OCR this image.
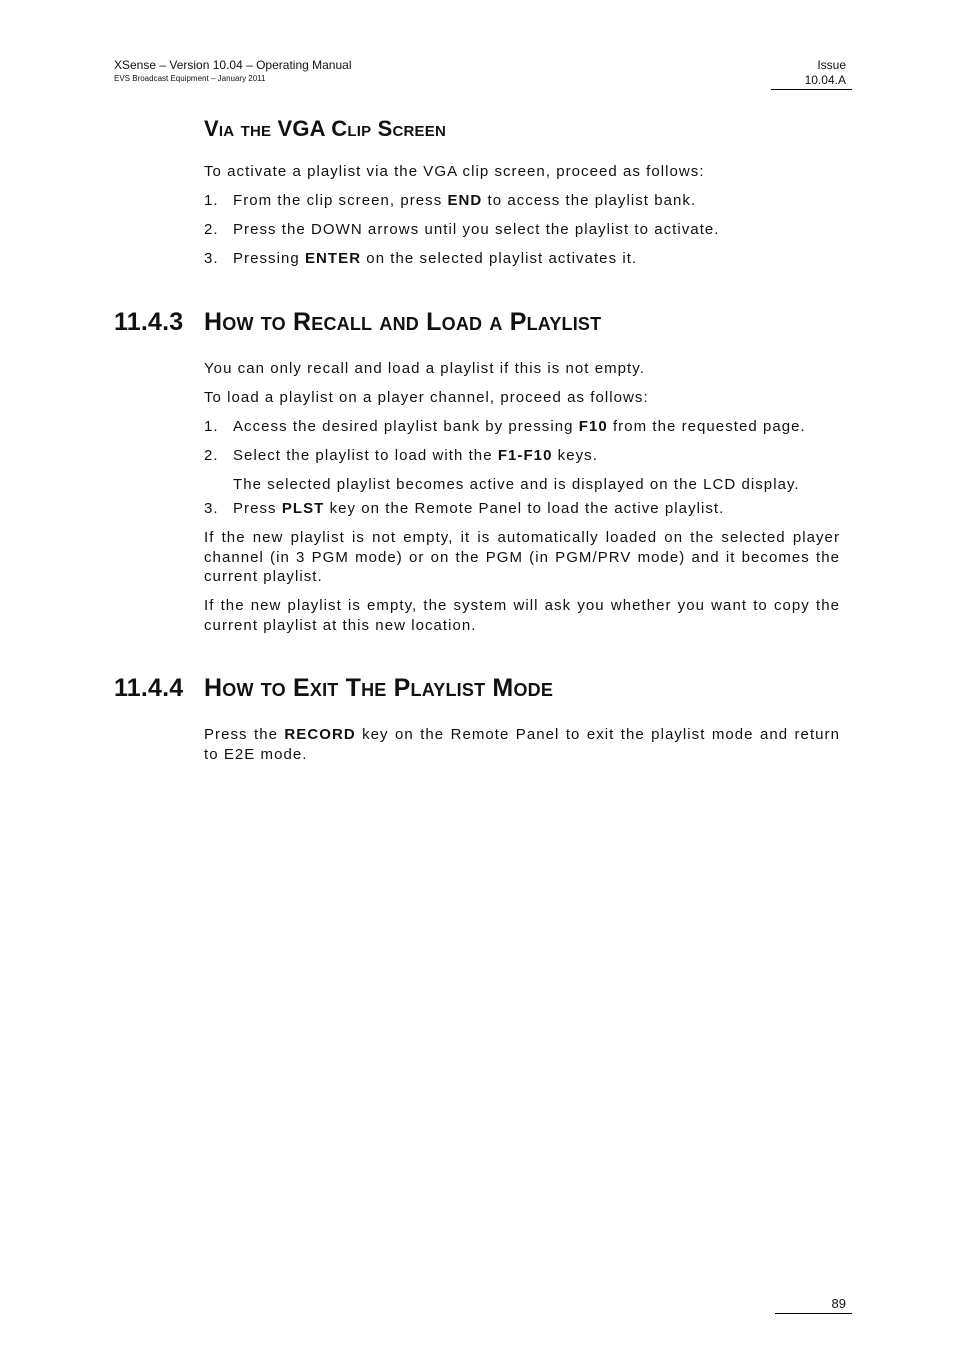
XSense – Version 10.04 – Operating Manual
EVS Broadcast Equipment – January 2011
Issue
10.04.A
Via the VGA Clip Screen
To activate a playlist via the VGA clip screen, proceed as follows:
1. From the clip screen, press END to access the playlist bank.
2. Press the DOWN arrows until you select the playlist to activate.
3. Pressing ENTER on the selected playlist activates it.
11.4.3 How to Recall and Load a Playlist
You can only recall and load a playlist if this is not empty.
To load a playlist on a player channel, proceed as follows:
1. Access the desired playlist bank by pressing F10 from the requested page.
2. Select the playlist to load with the F1-F10 keys.
The selected playlist becomes active and is displayed on the LCD display.
3. Press PLST key on the Remote Panel to load the active playlist.
If the new playlist is not empty, it is automatically loaded on the selected player channel (in 3 PGM mode) or on the PGM (in PGM/PRV mode) and it becomes the current playlist.
If the new playlist is empty, the system will ask you whether you want to copy the current playlist at this new location.
11.4.4 How to Exit The Playlist Mode
Press the RECORD key on the Remote Panel to exit the playlist mode and return to E2E mode.
89
